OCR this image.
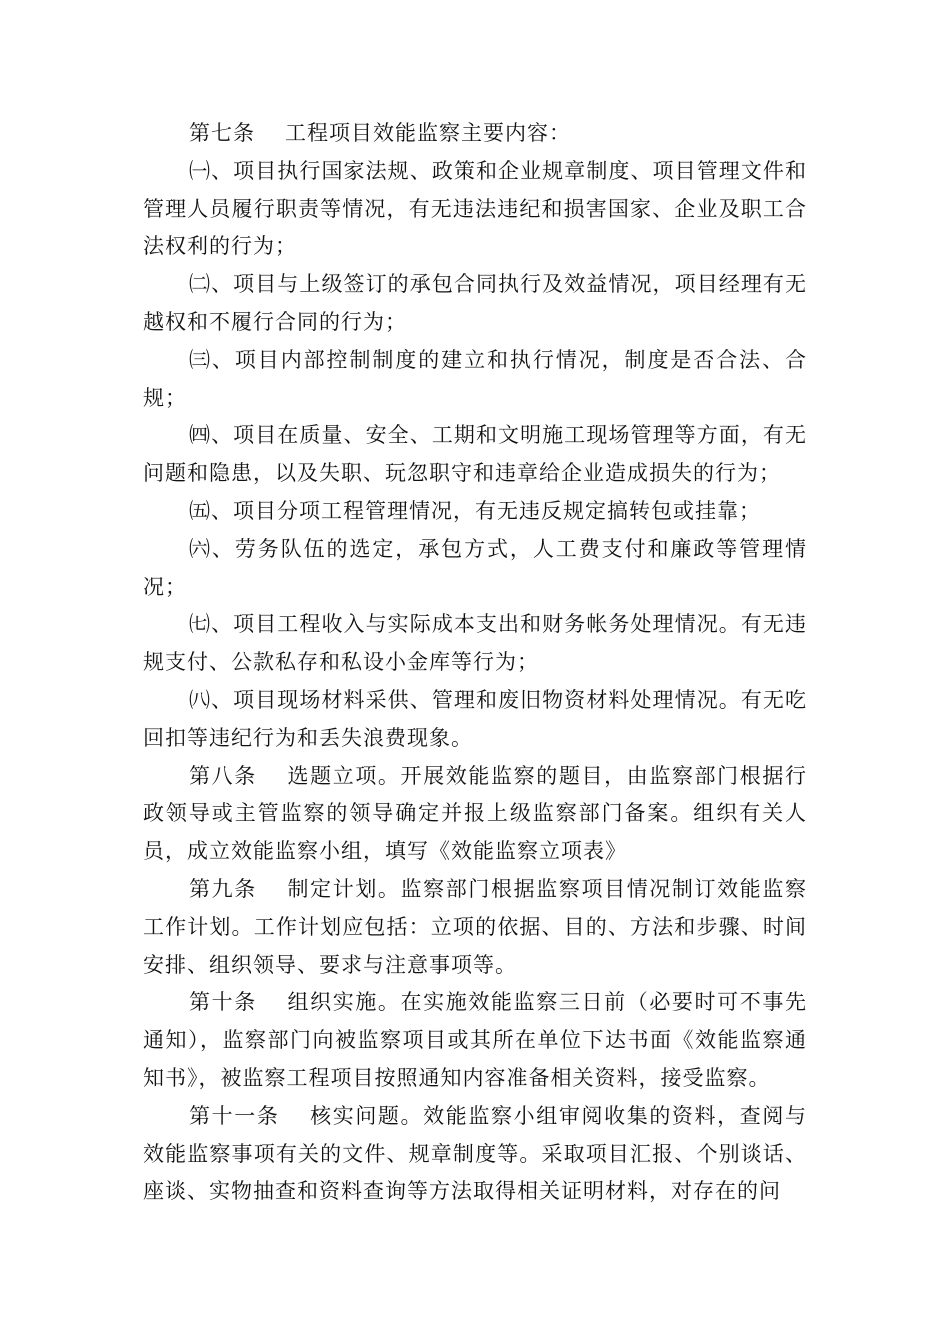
第七条 工程项目效能监察主要内容：

㈠、项目执行国家法规、政策和企业规章制度、项目管理文件和管理人员履行职责等情况，有无违法违纪和损害国家、企业及职工合法权利的行为；

㈡、项目与上级签订的承包合同执行及效益情况，项目经理有无越权和不履行合同的行为；

㈢、项目内部控制制度的建立和执行情况，制度是否合法、合规；

㈣、项目在质量、安全、工期和文明施工现场管理等方面，有无问题和隐患，以及失职、玩忽职守和违章给企业造成损失的行为；

㈤、项目分项工程管理情况，有无违反规定搞转包或挂靠；

㈥、劳务队伍的选定，承包方式，人工费支付和廉政等管理情况；

㈦、项目工程收入与实际成本支出和财务帐务处理情况。有无违规支付、公款私存和私设小金库等行为；

㈧、项目现场材料采供、管理和废旧物资材料处理情况。有无吃回扣等违纪行为和丢失浪费现象。

第八条 选题立项。开展效能监察的题目，由监察部门根据行政领导或主管监察的领导确定并报上级监察部门备案。组织有关人员，成立效能监察小组，填写《效能监察立项表》

第九条 制定计划。监察部门根据监察项目情况制订效能监察工作计划。工作计划应包括：立项的依据、目的、方法和步骤、时间安排、组织领导、要求与注意事项等。

第十条 组织实施。在实施效能监察三日前（必要时可不事先通知），监察部门向被监察项目或其所在单位下达书面《效能监察通知书》，被监察工程项目按照通知内容准备相关资料，接受监察。

第十一条 核实问题。效能监察小组审阅收集的资料，查阅与效能监察事项有关的文件、规章制度等。采取项目汇报、个别谈话、座谈、实物抽查和资料查询等方法取得相关证明材料，对存在的问
